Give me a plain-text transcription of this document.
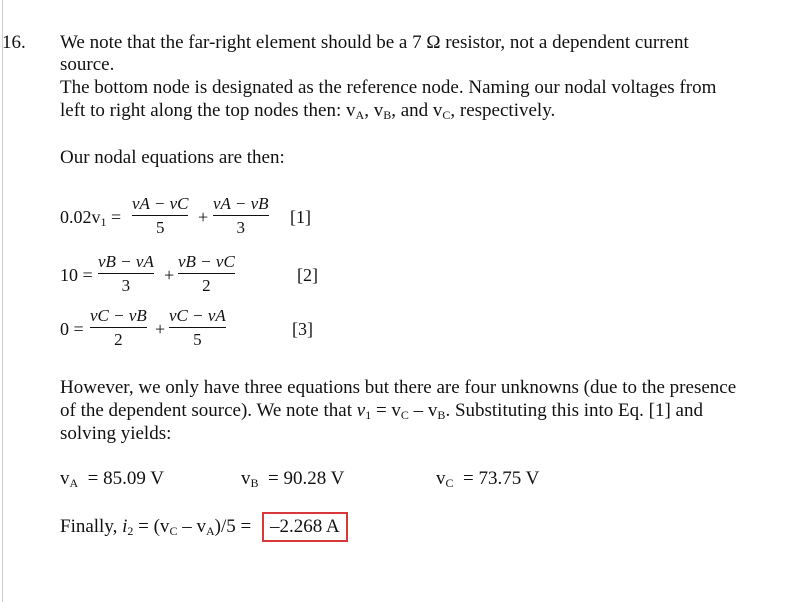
16. We note that the far-right element should be a 7 Ω resistor, not a dependent current
source.
The bottom node is designated as the reference node. Naming our nodal voltages from
left to right along the top nodes then: $v_A$, $v_B$, and $v_C$, respectively.
Our nodal equations are then:
$0.02v_1$ =
vA − vC
5
+
vA − vB
3
[1]
10 =
vB − vA
3
+
vB − vC
2
[2]
0 =
vC − vB
2
+
vC − vA
5
[3]
However, we only have three equations but there are four unknowns (due to the presence
of the dependent source). We note that $v_1 = v_C - v_B$. Substituting this into Eq. [1] and
solving yields:
$v_A = 85.09$ V	$v_B = 90.28$ V	$v_C = 73.75$ V
Finally, $i_2 = (v_C - v_A)/5 = -2.268$ A
